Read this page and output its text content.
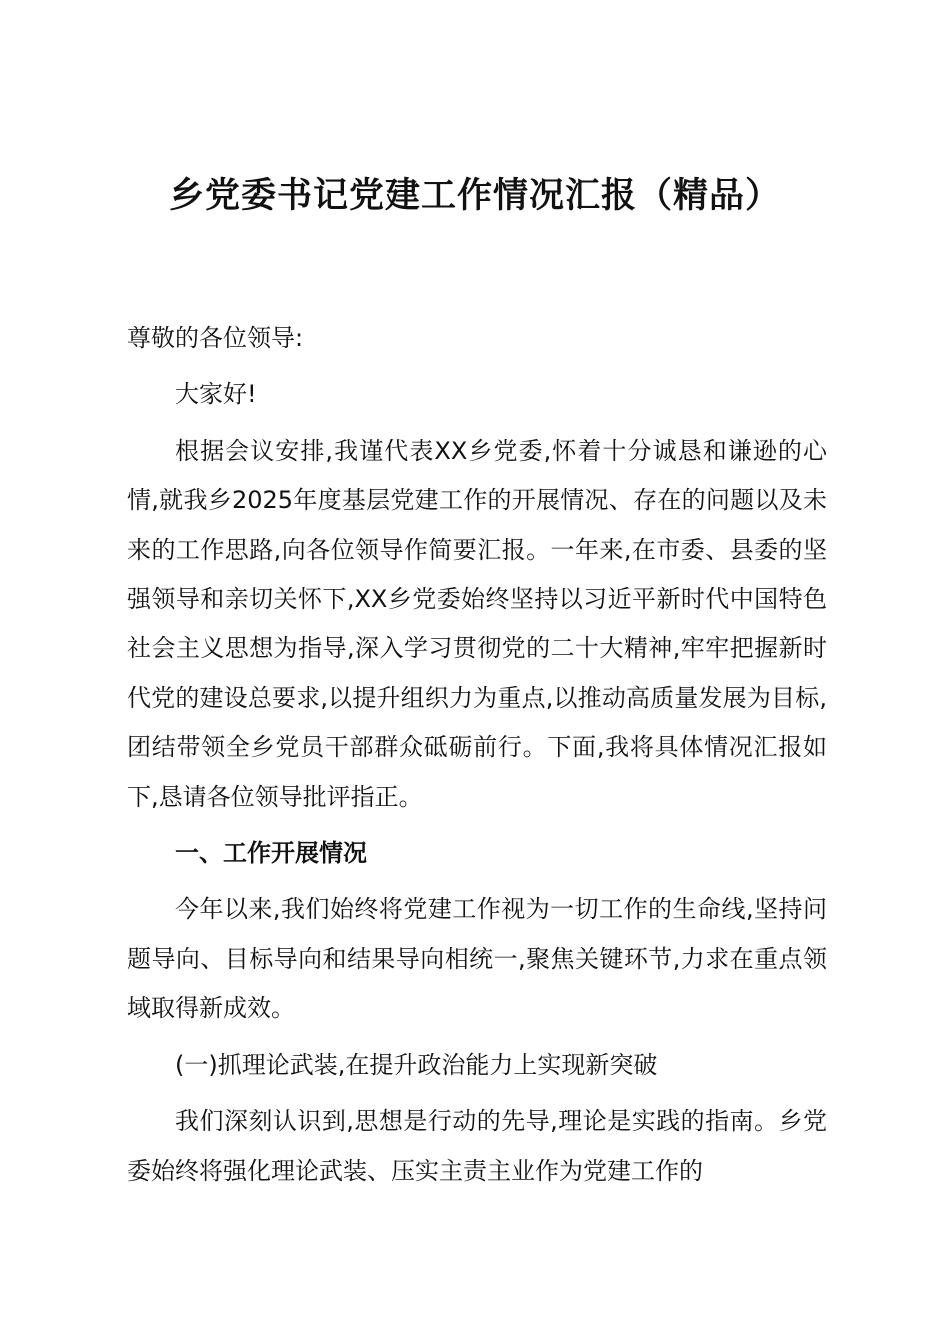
乡党委书记党建工作情况汇报（精品）

尊敬的各位领导:

大家好!

根据会议安排,我谨代表XX乡党委,怀着十分诚恳和谦逊的心情,就我乡2025年度基层党建工作的开展情况、存在的问题以及未来的工作思路,向各位领导作简要汇报。一年来,在市委、县委的坚强领导和亲切关怀下,XX乡党委始终坚持以习近平新时代中国特色社会主义思想为指导,深入学习贯彻党的二十大精神,牢牢把握新时代党的建设总要求,以提升组织力为重点,以推动高质量发展为目标,团结带领全乡党员干部群众砥砺前行。下面,我将具体情况汇报如下,恳请各位领导批评指正。

一、工作开展情况

今年以来,我们始终将党建工作视为一切工作的生命线,坚持问题导向、目标导向和结果导向相统一,聚焦关键环节,力求在重点领域取得新成效。

(一)抓理论武装,在提升政治能力上实现新突破

我们深刻认识到,思想是行动的先导,理论是实践的指南。乡党委始终将强化理论武装、压实主责主业作为党建工作的
